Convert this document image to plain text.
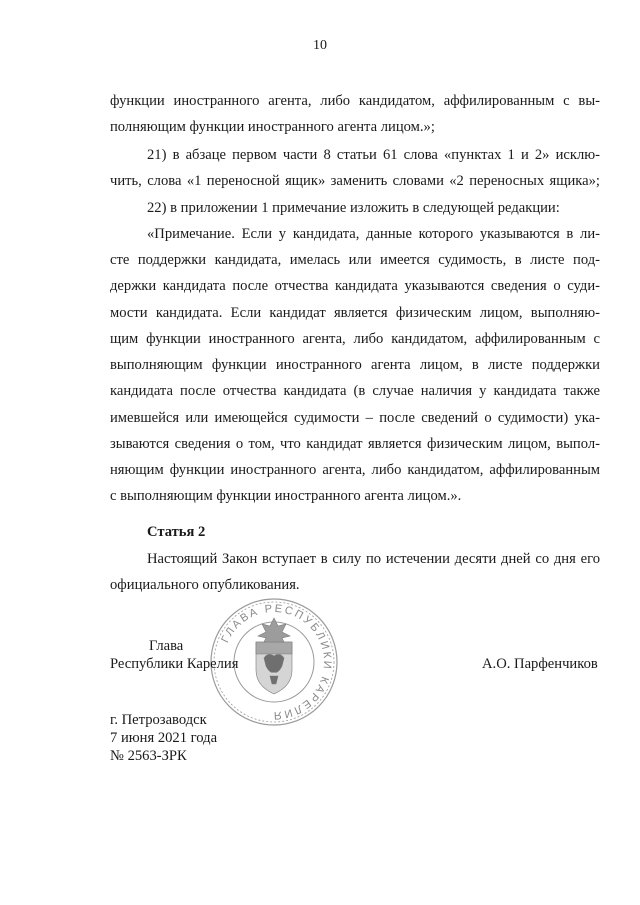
10
функции иностранного агента, либо кандидатом, аффилированным с вы-
полняющим функции иностранного агента лицом.»;
21) в абзаце первом части 8 статьи 61 слова «пунктах 1 и 2» исклю-
чить, слова «1 переносной ящик» заменить словами «2 переносных ящика»;
22) в приложении 1 примечание изложить в следующей редакции:
«Примечание. Если у кандидата, данные которого указываются в ли-
сте поддержки кандидата, имелась или имеется судимость, в листе под-
держки кандидата после отчества кандидата указываются сведения о суди-
мости кандидата. Если кандидат является физическим лицом, выполняю-
щим функции иностранного агента, либо кандидатом, аффилированным с
выполняющим функции иностранного агента лицом, в листе поддержки
кандидата после отчества кандидата (в случае наличия у кандидата также
имевшейся или имеющейся судимости – после сведений о судимости) ука-
зываются сведения о том, что кандидат является физическим лицом, выпол-
няющим функции иностранного агента, либо кандидатом, аффилированным
с выполняющим функции иностранного агента лицом.».
Статья 2
Настоящий Закон вступает в силу по истечении десяти дней со дня его
официального опубликования.
ГЛАВА РЕСПУБЛИКИ КАРЕЛИЯ
Глава
Республики Карелия	А.О. Парфенчиков
г. Петрозаводск
7 июня 2021 года
№ 2563-ЗРК
